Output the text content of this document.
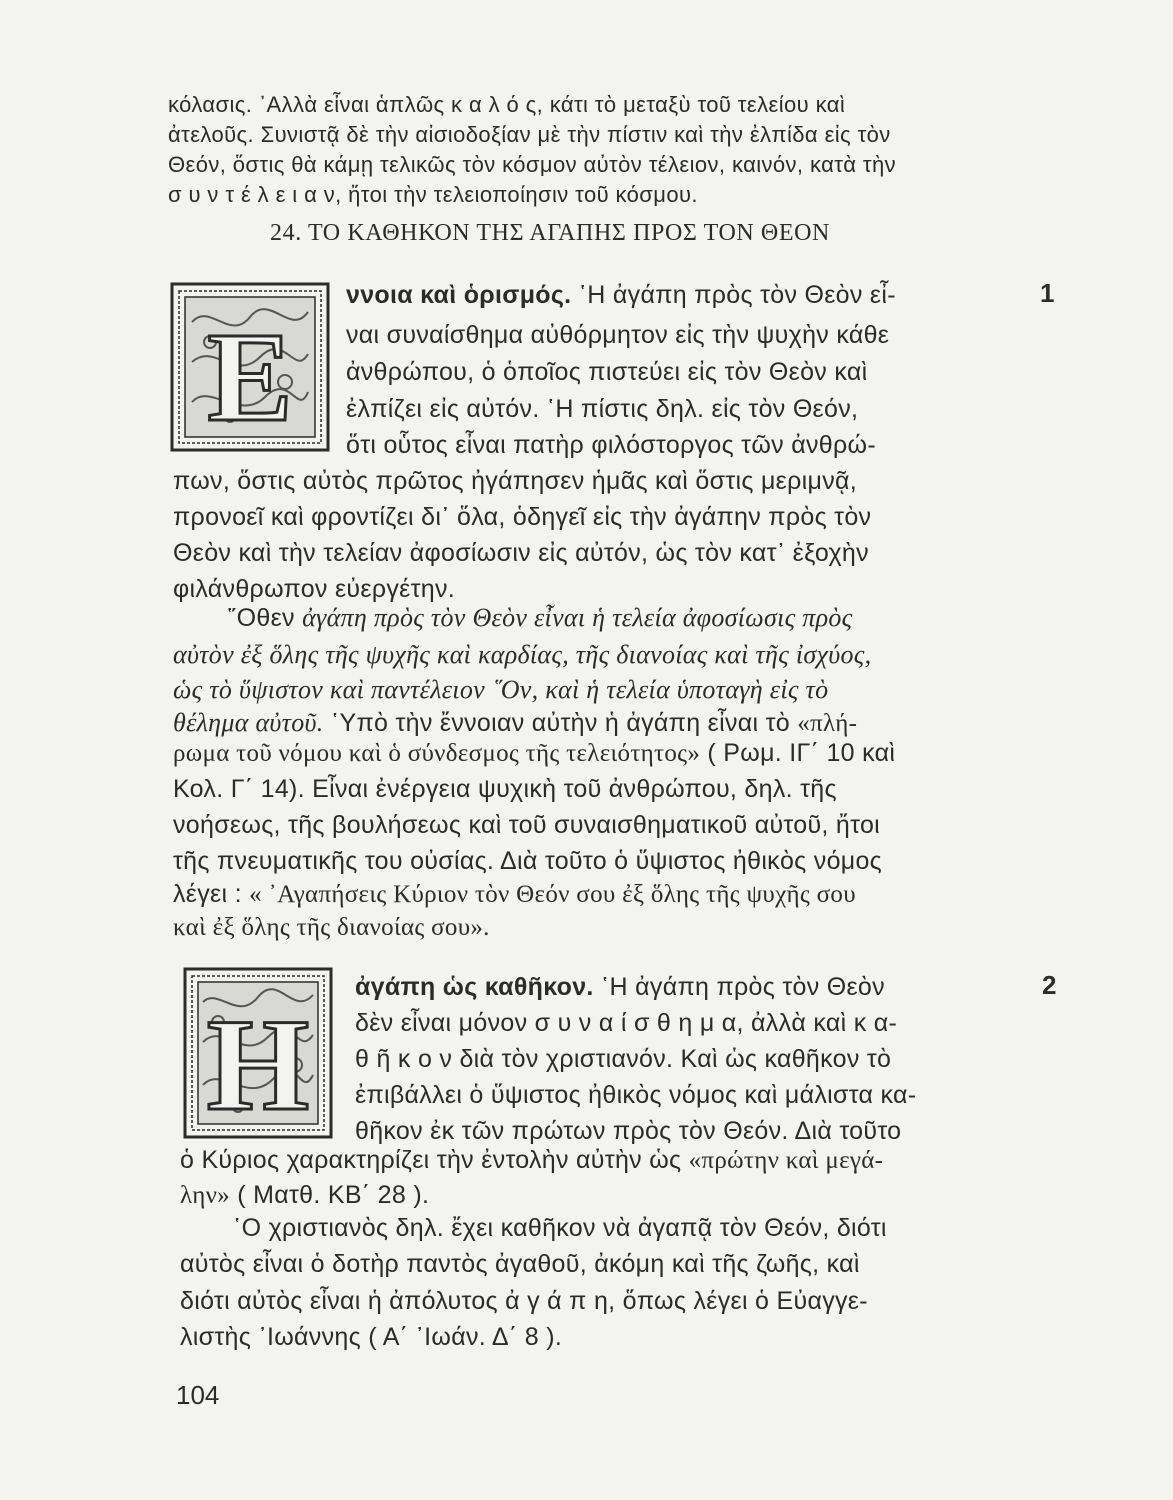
κόλασις. ᾿Αλλὰ εἶναι ἁπλῶς κ α λ ό ς, κάτι τὸ μεταξὺ τοῦ τελείου καὶ
ἀτελοῦς. Συνιστᾷ δὲ τὴν αἰσιοδοξίαν μὲ τὴν πίστιν καὶ τὴν ἐλπίδα εἰς τὸν
Θεόν, ὅστις θὰ κάμῃ τελικῶς τὸν κόσμον αὐτὸν τέλειον, καινόν, κατὰ τὴν
σ υ ν τ έ λ ε ι α ν, ἤτοι τὴν τελειοποίησιν τοῦ κόσμου.
24. ΤΟ ΚΑΘΗΚΟΝ ΤΗΣ ΑΓΑΠΗΣ ΠΡΟΣ ΤΟΝ ΘΕΟΝ
E
1
ννοια καὶ ὁρισμός. ῾Η ἀγάπη πρὸς τὸν Θεὸν εἶ-
ναι συναίσθημα αὐθόρμητον εἰς τὴν ψυχὴν κάθε
ἀνθρώπου, ὁ ὁποῖος πιστεύει εἰς τὸν Θεὸν καὶ
ἐλπίζει εἰς αὐτόν. ῾Η πίστις δηλ. εἰς τὸν Θεόν,
ὅτι οὗτος εἶναι πατὴρ φιλόστοργος τῶν ἀνθρώ-
πων, ὅστις αὐτὸς πρῶτος ἠγάπησεν ἡμᾶς καὶ ὅστις μεριμνᾷ,
προνοεῖ καὶ φροντίζει δι᾿ ὅλα, ὁδηγεῖ εἰς τὴν ἀγάπην πρὸς τὸν
Θεὸν καὶ τὴν τελείαν ἀφοσίωσιν εἰς αὐτόν, ὡς τὸν κατ᾿ ἐξοχὴν
φιλάνθρωπον εὐεργέτην.
῞Οθεν ἀγάπη πρὸς τὸν Θεὸν εἶναι ἡ τελεία ἀφοσίωσις πρὸς
αὐτὸν ἐξ ὅλης τῆς ψυχῆς καὶ καρδίας, τῆς διανοίας καὶ τῆς ἰσχύος,
ὡς τὸ ὕψιστον καὶ παντέλειον ῞Ον, καὶ ἡ τελεία ὑποταγὴ εἰς τὸ
θέλημα αὐτοῦ. ῾Υπὸ τὴν ἔννοιαν αὐτὴν ἡ ἀγάπη εἶναι τὸ «πλή-
ρωμα τοῦ νόμου καὶ ὁ σύνδεσμος τῆς τελειότητος» ( Ρωμ. ΙΓ΄ 10 καὶ
Κολ. Γ΄ 14). Εἶναι ἐνέργεια ψυχικὴ τοῦ ἀνθρώπου, δηλ. τῆς
νοήσεως, τῆς βουλήσεως καὶ τοῦ συναισθηματικοῦ αὐτοῦ, ἤτοι
τῆς πνευματικῆς του οὐσίας. Διὰ τοῦτο ὁ ὕψιστος ἠθικὸς νόμος
λέγει : « ᾿Αγαπήσεις Κύριον τὸν Θεόν σου ἐξ ὅλης τῆς ψυχῆς σου
καὶ ἐξ ὅλης τῆς διανοίας σου».
H
2
ἀγάπη ὡς καθῆκον. ῾Η ἀγάπη πρὸς τὸν Θεὸν
δὲν εἶναι μόνον σ υ ν α ί σ θ η μ α, ἀλλὰ καὶ κ α-
θ ῆ κ ο ν διὰ τὸν χριστιανόν. Καὶ ὡς καθῆκον τὸ
ἐπιβάλλει ὁ ὕψιστος ἠθικὸς νόμος καὶ μάλιστα κα-
θῆκον ἐκ τῶν πρώτων πρὸς τὸν Θεόν. Διὰ τοῦτο
ὁ Κύριος χαρακτηρίζει τὴν ἐντολὴν αὐτὴν ὡς «πρώτην καὶ μεγά-
λην» ( Ματθ. ΚΒ΄ 28 ).
῾Ο χριστιανὸς δηλ. ἔχει καθῆκον νὰ ἀγαπᾷ τὸν Θεόν, διότι
αὐτὸς εἶναι ὁ δοτὴρ παντὸς ἀγαθοῦ, ἀκόμη καὶ τῆς ζωῆς, καὶ
διότι αὐτὸς εἶναι ἡ ἀπόλυτος ἀ γ ά π η, ὅπως λέγει ὁ Εὐαγγε-
λιστὴς ᾿Ιωάννης ( Α΄ ᾿Ιωάν. Δ΄ 8 ).
104
